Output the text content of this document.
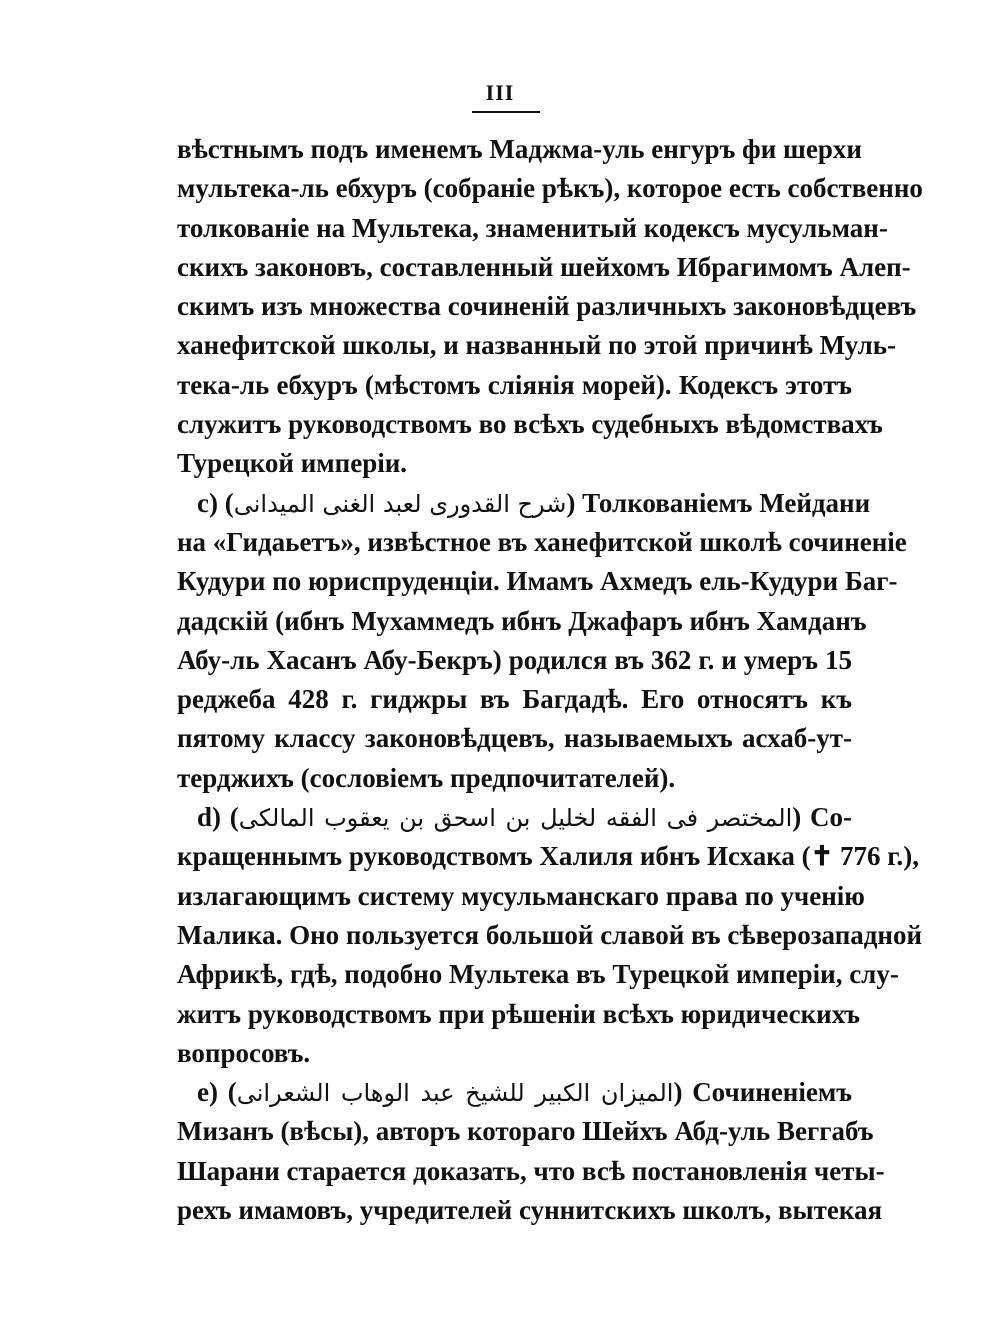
III
вѣстнымъ подъ именемъ Маджма-уль енгуръ фи шерхи
мультека-ль ебхуръ (собраніе рѣкъ), которое есть собственно
толкованіе на Мультека, знаменитый кодексъ мусульман-
скихъ законовъ, составленный шейхомъ Ибрагимомъ Алеп-
скимъ изъ множества сочиненій различныхъ законовѣдцевъ
ханефитской школы, и названный по этой причинѣ Муль-
тека-ль ебхуръ (мѣстомъ сліянія морей). Кодексъ этотъ
служитъ руководствомъ во всѣхъ судебныхъ вѣдомствахъ
Турецкой имперіи.
c) (شرح القدورى لعبد الغنى الميدانى) Толкованіемъ Мейдани
на «Гидаьетъ», извѣстное въ ханефитской школѣ сочиненіе
Кудури по юриспруденціи. Имамъ Ахмедъ ель-Кудури Баг-
дадскій (ибнъ Мухаммедъ ибнъ Джафаръ ибнъ Хамданъ
Абу-ль Хасанъ Абу-Бекръ) родился въ 362 г. и умеръ 15
реджеба 428 г. гиджры въ Багдадѣ. Его относятъ къ
пятому классу законовѣдцевъ, называемыхъ асхаб-ут-
терджихъ (сословіемъ предпочитателей).
d) (المختصر فى الفقه لخليل بن اسحق بن يعقوب المالكى) Со-
кращеннымъ руководствомъ Халиля ибнъ Исхака (✝ 776 г.),
излагающимъ систему мусульманскаго права по ученію
Малика. Оно пользуется большой славой въ сѣверозападной
Африкѣ, гдѣ, подобно Мультека въ Турецкой имперіи, слу-
житъ руководствомъ при рѣшеніи всѣхъ юридическихъ
вопросовъ.
e) (الميزان الكبير للشيخ عبد الوهاب الشعرانى) Сочиненіемъ
Мизанъ (вѣсы), авторъ котораго Шейхъ Абд-уль Веггабъ
Шарани старается доказать, что всѣ постановленія четы-
рехъ имамовъ, учредителей суннитскихъ школъ, вытекая
